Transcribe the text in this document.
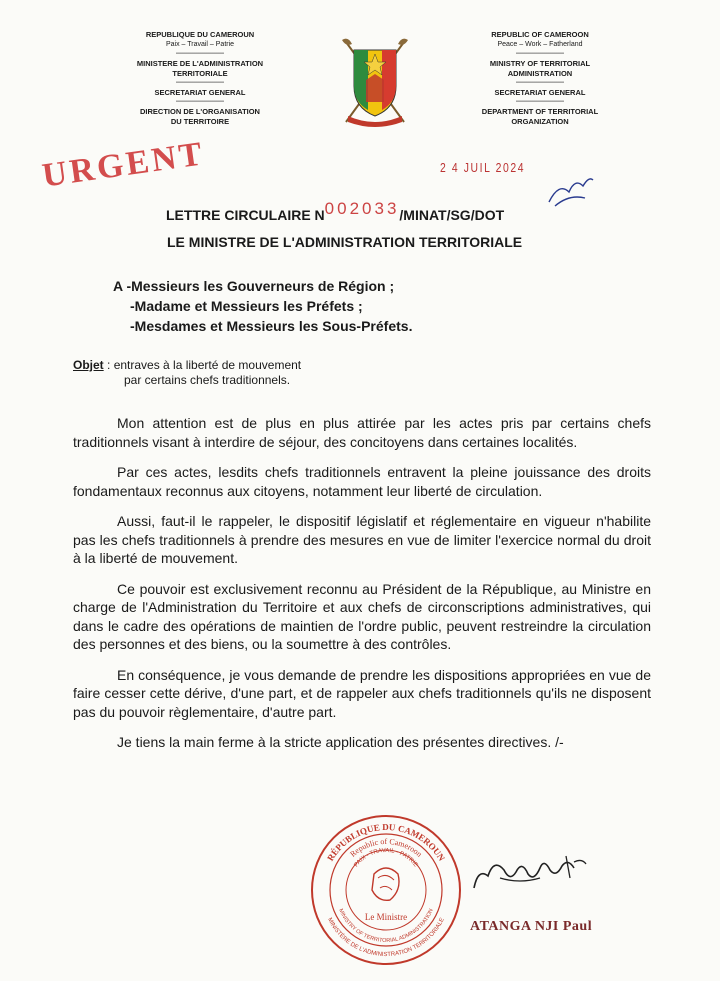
REPUBLIQUE DU CAMEROUN
Paix – Travail – Patrie
------------------------
MINISTERE DE L'ADMINISTRATION
TERRITORIALE
------------------------
SECRETARIAT GENERAL
------------------------
DIRECTION DE L'ORGANISATION
DU TERRITOIRE
REPUBLIC OF CAMEROON
Peace – Work – Fatherland
------------------------
MINISTRY OF TERRITORIAL
ADMINISTRATION
------------------------
SECRETARIAT GENERAL
------------------------
DEPARTMENT OF TERRITORIAL
ORGANIZATION
URGENT	2 4 JUIL 2024
LETTRE CIRCULAIRE N002033/MINAT/SG/DOT
LE MINISTRE DE L'ADMINISTRATION TERRITORIALE
A -Messieurs les Gouverneurs de Région ;
-Madame et Messieurs les Préfets ;
-Mesdames et Messieurs les Sous-Préfets.
Objet : entraves à la liberté de mouvement
par certains chefs traditionnels.

Mon attention est de plus en plus attirée par les actes pris par certains chefs traditionnels visant à interdire de séjour, des concitoyens dans certaines localités.

Par ces actes, lesdits chefs traditionnels entravent la pleine jouissance des droits fondamentaux reconnus aux citoyens, notamment leur liberté de circulation.

Aussi, faut-il le rappeler, le dispositif législatif et réglementaire en vigueur n'habilite pas les chefs traditionnels à prendre des mesures en vue de limiter l'exercice normal du droit à la liberté de mouvement.

Ce pouvoir est exclusivement reconnu au Président de la République, au Ministre en charge de l'Administration du Territoire et aux chefs de circonscriptions administratives, qui dans le cadre des opérations de maintien de l'ordre public, peuvent restreindre la circulation des personnes et des biens, ou la soumettre à des contrôles.

En conséquence, je vous demande de prendre les dispositions appropriées en vue de faire cesser cette dérive, d'une part, et de rappeler aux chefs traditionnels qu'ils ne disposent pas du pouvoir règlementaire, d'autre part.

Je tiens la main ferme à la stricte application des présentes directives. /-

RÉPUBLIQUE DU CAMEROUN
Republic of Cameroon
PAIX - TRAVAIL - PATRIE
MINISTÈRE DE L'ADMINISTRATION TERRITORIALE
MINISTRY OF TERRITORIAL ADMINISTRATION
Le Ministre
ATANGA NJI Paul
